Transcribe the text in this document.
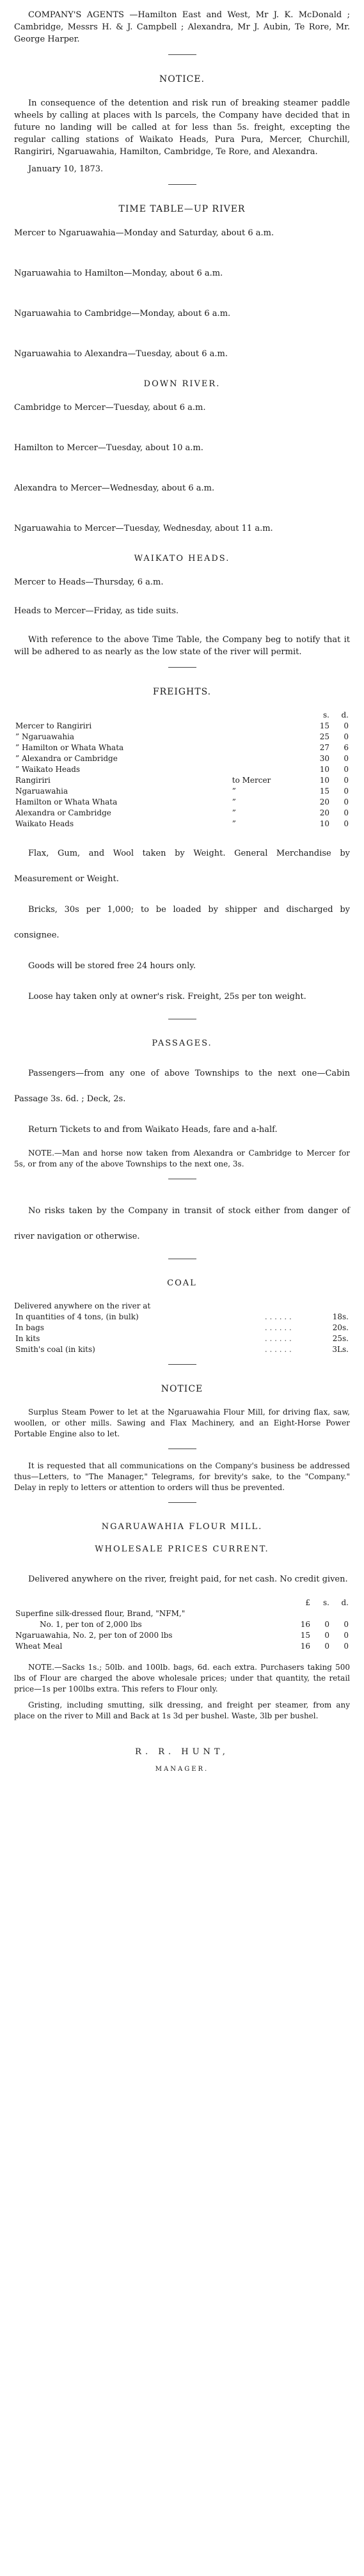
COMPANY'S AGENTS —Hamilton East and West, Mr J. K. McDonald ; Cambridge, Messrs H. & J. Campbell ; Alexandra, Mr J. Aubin, Te Rore, Mr. George Harper.

NOTICE.

In consequence of the detention and risk run of breaking steamer paddle wheels by calling at places with ls parcels, the Company have decided that in future no landing will be called at for less than 5s. freight, excepting the regular calling stations of Waikato Heads, Pura Pura, Mercer, Churchill, Rangiriri, Ngaruawahia, Hamilton, Cambridge, Te Rore, and Alexandra.

January 10, 1873.

TIME TABLE—UP RIVER
Mercer to Ngaruawahia—Monday and Saturday, about 6 a.m.
Ngaruawahia to Hamilton—Monday, about 6 a.m.
Ngaruawahia to Cambridge—Monday, about 6 a.m.
Ngaruawahia to Alexandra—Tuesday, about 6 a.m.
DOWN RIVER.
Cambridge to Mercer—Tuesday, about 6 a.m.
Hamilton to Mercer—Tuesday, about 10 a.m.
Alexandra to Mercer—Wednesday, about 6 a.m.
Ngaruawahia to Mercer—Tuesday, Wednesday, about 11 a.m.
WAIKATO HEADS.
Mercer to Heads—Thursday, 6 a.m.
Heads to Mercer—Friday, as tide suits.

With reference to the above Time Table, the Company beg to notify that it will be adhered to as nearly as the low state of the river will permit.

FREIGHTS.
		s.	d.
Mercer to Rangiriri		15	0
” Ngaruawahia		25	0
” Hamilton or Whata Whata		27	6
” Alexandra or Cambridge		30	0
” Waikato Heads		10	0
Rangiriri	to Mercer	10	0
Ngaruawahia	”	15	0
Hamilton or Whata Whata	”	20	0
Alexandra or Cambridge	”	20	0
Waikato Heads	”	10	0

Flax, Gum, and Wool taken by Weight. General Merchandise by Measurement or Weight.

Bricks, 30s per 1,000; to be loaded by shipper and discharged by consignee.

Goods will be stored free 24 hours only.

Loose hay taken only at owner's risk. Freight, 25s per ton weight.

PASSAGES.

Passengers—from any one of above Townships to the next one—Cabin Passage 3s. 6d. ; Deck, 2s.

Return Tickets to and from Waikato Heads, fare and a-half.

NOTE.—Man and horse now taken from Alexandra or Cambridge to Mercer for 5s, or from any of the above Townships to the next one, 3s.

No risks taken by the Company in transit of stock either from danger of river navigation or otherwise.

COAL
Delivered anywhere on the river at
In quantities of 4 tons, (in bulk)	. . . . . .	18s.
In bags	. . . . . .	20s.
In kits	. . . . . .	25s.
Smith's coal (in kits)	. . . . . .	3Ls.
NOTICE

Surplus Steam Power to let at the Ngaruawahia Flour Mill, for driving flax, saw, woollen, or other mills. Sawing and Flax Machinery, and an Eight-Horse Power Portable Engine also to let.

It is requested that all communications on the Company's business be addressed thus—Letters, to "The Manager," Telegrams, for brevity's sake, to the "Company." Delay in reply to letters or attention to orders will thus be prevented.

NGARUAWAHIA FLOUR MILL.
WHOLESALE PRICES CURRENT.

Delivered anywhere on the river, freight paid, for net cash. No credit given.

	£	s.	d.
Superfine silk-dressed flour, Brand, "NFM,"			
No. 1, per ton of 2,000 lbs	16	0	0
Ngaruawahia, No. 2, per ton of 2000 lbs	15	0	0
Wheat Meal	16	0	0

NOTE.—Sacks 1s.; 50lb. and 100lb. bags, 6d. each extra. Purchasers taking 500 lbs of Flour are charged the above wholesale prices; under that quantity, the retail price—1s per 100lbs extra. This refers to Flour only.

Gristing, including smutting, silk dressing, and freight per steamer, from any place on the river to Mill and Back at 1s 3d per bushel. Waste, 3lb per bushel.

R. R. HUNT,
MANAGER.
